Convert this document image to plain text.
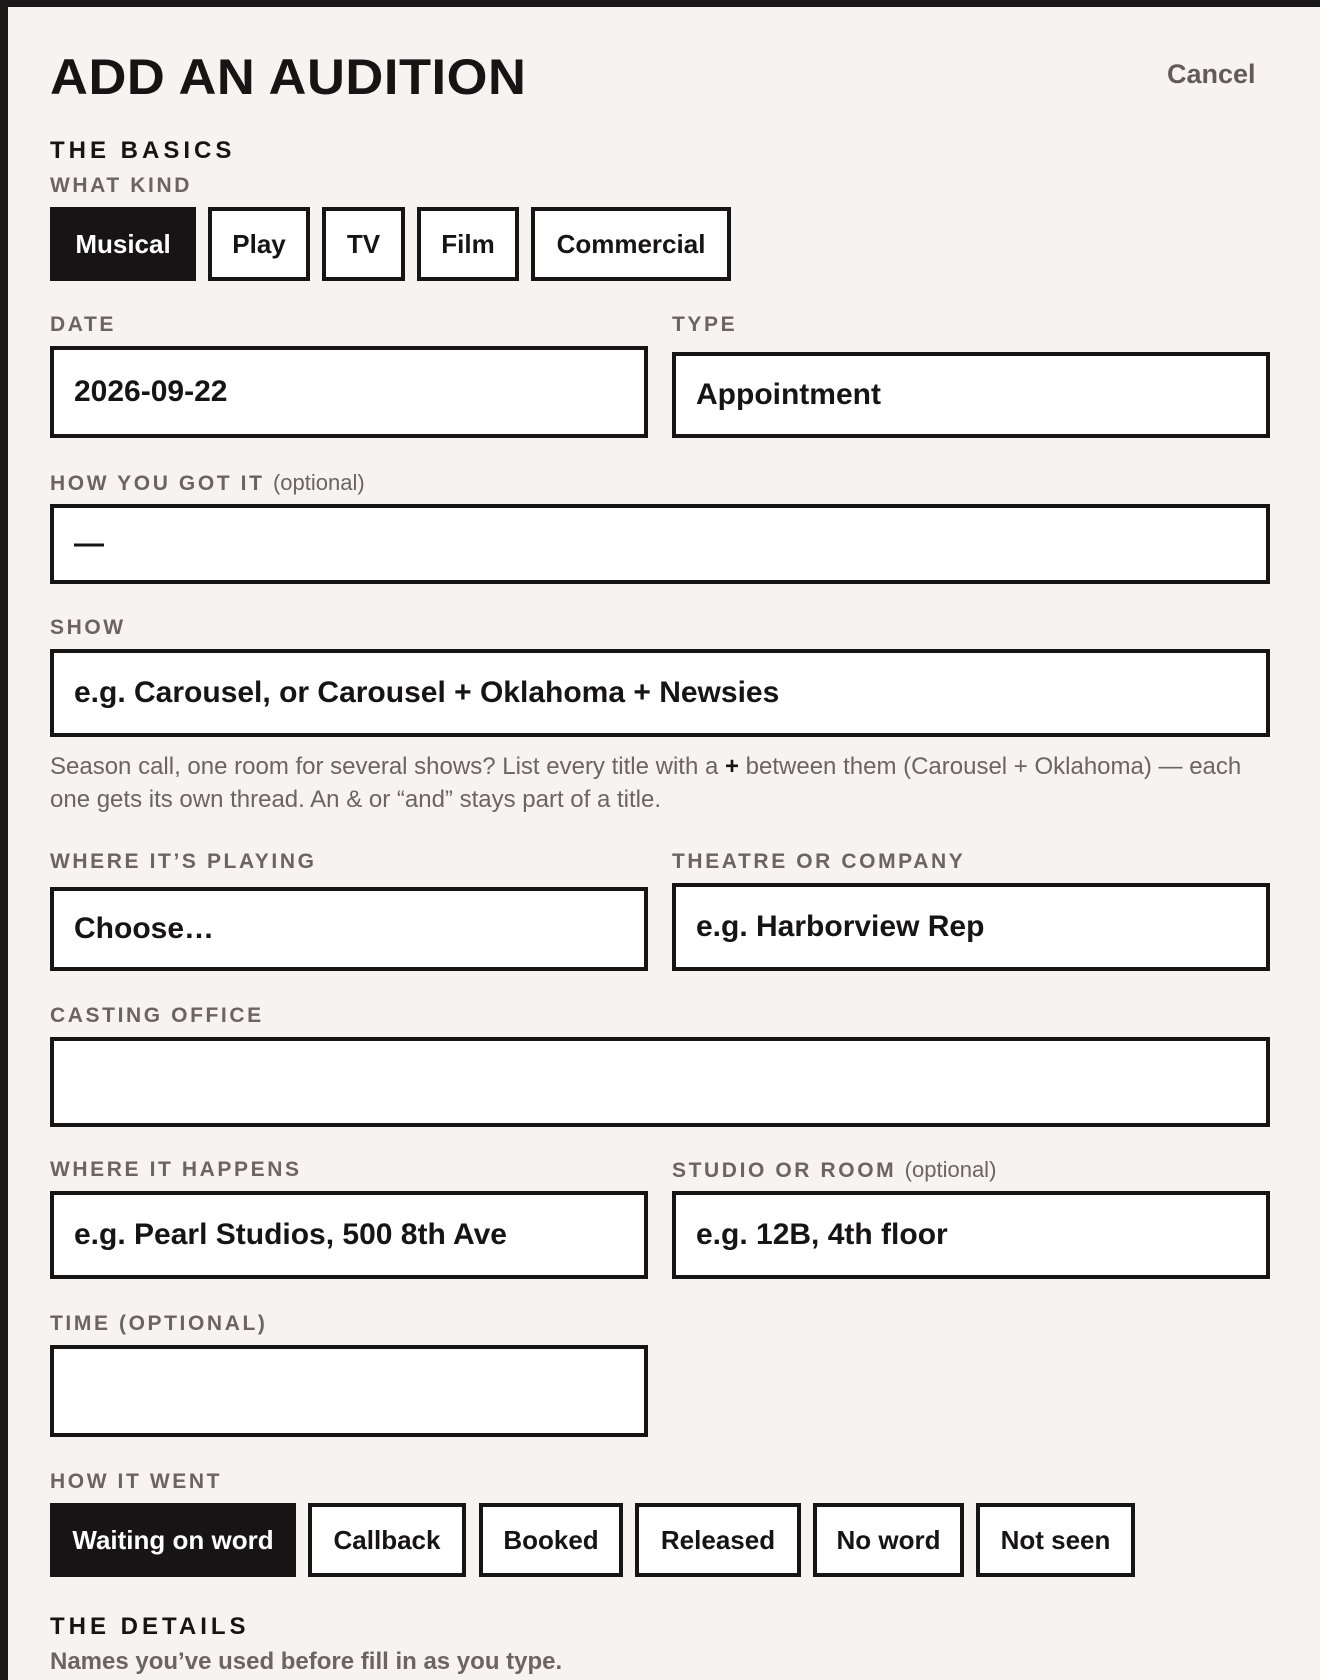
ADD AN AUDITION	Cancel
THE BASICS
WHAT KIND
Musical	Play	TV	Film	Commercial
DATE
2026-09-22
TYPE
Appointment
HOW YOU GOT IT (optional)
—
SHOW
e.g. Carousel, or Carousel + Oklahoma + Newsies
Season call, one room for several shows? List every title with a + between them (Carousel + Oklahoma) — each one gets its own thread. An & or “and” stays part of a title.
WHERE IT’S PLAYING
Choose…
THEATRE OR COMPANY
e.g. Harborview Rep
CASTING OFFICE
WHERE IT HAPPENS
e.g. Pearl Studios, 500 8th Ave
STUDIO OR ROOM (optional)
e.g. 12B, 4th floor
TIME (OPTIONAL)
HOW IT WENT
Waiting on word	Callback	Booked	Released	No word	Not seen
THE DETAILS
Names you’ve used before fill in as you type.
